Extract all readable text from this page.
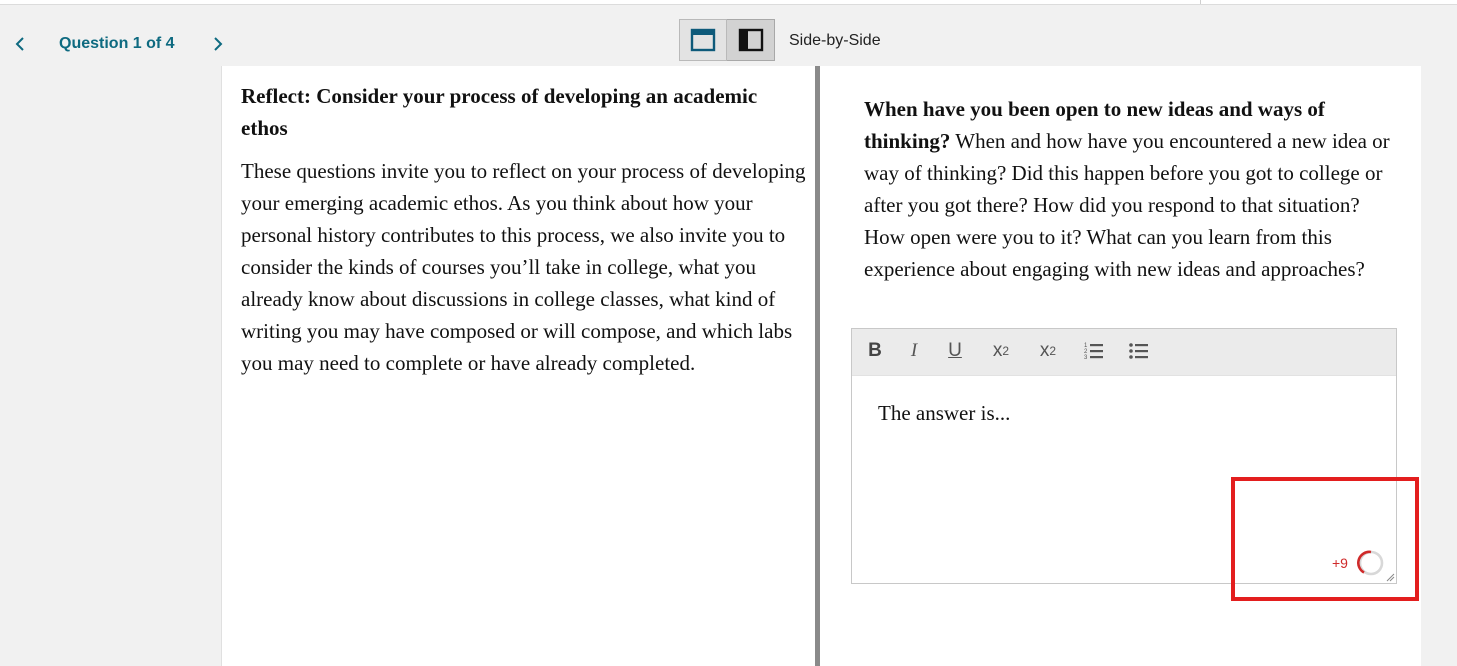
Question 1 of 4	Side-by-Side
Reflect: Consider your process of developing an academic ethos
These questions invite you to reflect on your process of developing your emerging academic ethos. As you think about how your personal history contributes to this process, we also invite you to consider the kinds of courses you’ll take in college, what you already know about discussions in college classes, what kind of writing you may have composed or will compose, and which labs you may need to complete or have already completed.
When have you been open to new ideas and ways of thinking? When and how have you encountered a new idea or way of thinking? Did this happen before you got to college or after you got there? How did you respond to that situation? How open were you to it? What can you learn from this experience about engaging with new ideas and approaches?
B	I	U	x 2 x 2	1
2
3
The answer is...
+9
